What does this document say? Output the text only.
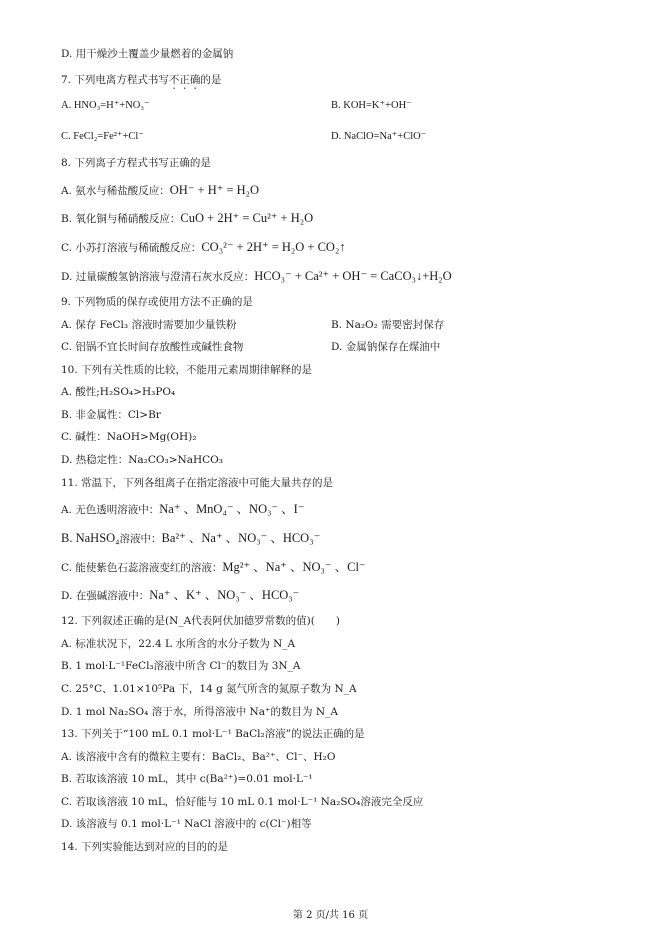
D. 用干燥沙土覆盖少量燃着的金属钠
7. 下列电离方程式书写不正确的是
A. HNO₃=H⁺+NO₃⁻	B. KOH=K⁺+OH⁻
C. FeCl₂=Fe²⁺+Cl⁻	D. NaClO=Na⁺+ClO⁻
8. 下列离子方程式书写正确的是
A. 氨水与稀盐酸反应：OH⁻ + H⁺ = H₂O
B. 氧化铜与稀硝酸反应：CuO + 2H⁺ = Cu²⁺ + H₂O
C. 小苏打溶液与稀硫酸反应：CO₃²⁻ + 2H⁺ = H₂O + CO₂↑
D. 过量碳酸氢钠溶液与澄清石灰水反应：HCO₃⁻ + Ca²⁺ + OH⁻ = CaCO₃↓+H₂O
9. 下列物质的保存或使用方法不正确的是
A. 保存 FeCl₃ 溶液时需要加少量铁粉	B. Na₂O₂ 需要密封保存
C. 铝锅不宜长时间存放酸性或碱性食物	D. 金属钠保存在煤油中
10. 下列有关性质的比较，不能用元素周期律解释的是
A. 酸性;H₂SO₄>H₃PO₄
B. 非金属性：Cl>Br
C. 碱性：NaOH>Mg(OH)₂
D. 热稳定性：Na₂CO₃>NaHCO₃
11. 常温下，下列各组离子在指定溶液中可能大量共存的是
A. 无色透明溶液中：Na⁺ 、MnO₄⁻ 、NO₃⁻ 、I⁻
B. NaHSO₄溶液中：Ba²⁺ 、Na⁺ 、NO₃⁻ 、HCO₃⁻
C. 能使紫色石蕊溶液变红的溶液：Mg²⁺ 、Na⁺ 、NO₃⁻ 、Cl⁻
D. 在强碱溶液中：Na⁺ 、K⁺ 、NO₃⁻ 、HCO₃⁻
12. 下列叙述正确的是(N_A代表阿伏加德罗常数的值)(　　)
A. 标准状况下，22.4 L 水所含的水分子数为 N_A
B. 1 mol·L⁻¹FeCl₃溶液中所含 Cl⁻的数目为 3N_A
C. 25°C、1.01×10⁵Pa 下，14 g 氮气所含的氮原子数为 N_A
D. 1 mol Na₂SO₄ 溶于水，所得溶液中 Na⁺的数目为 N_A
13. 下列关于“100 mL 0.1 mol·L⁻¹ BaCl₂溶液”的说法正确的是
A. 该溶液中含有的微粒主要有：BaCl₂、Ba²⁺、Cl⁻、H₂O
B. 若取该溶液 10 mL，其中 c(Ba²⁺)=0.01 mol·L⁻¹
C. 若取该溶液 10 mL，恰好能与 10 mL 0.1 mol·L⁻¹ Na₂SO₄溶液完全反应
D. 该溶液与 0.1 mol·L⁻¹ NaCl 溶液中的 c(Cl⁻)相等
14. 下列实验能达到对应的目的的是
第 2 页/共 16 页
